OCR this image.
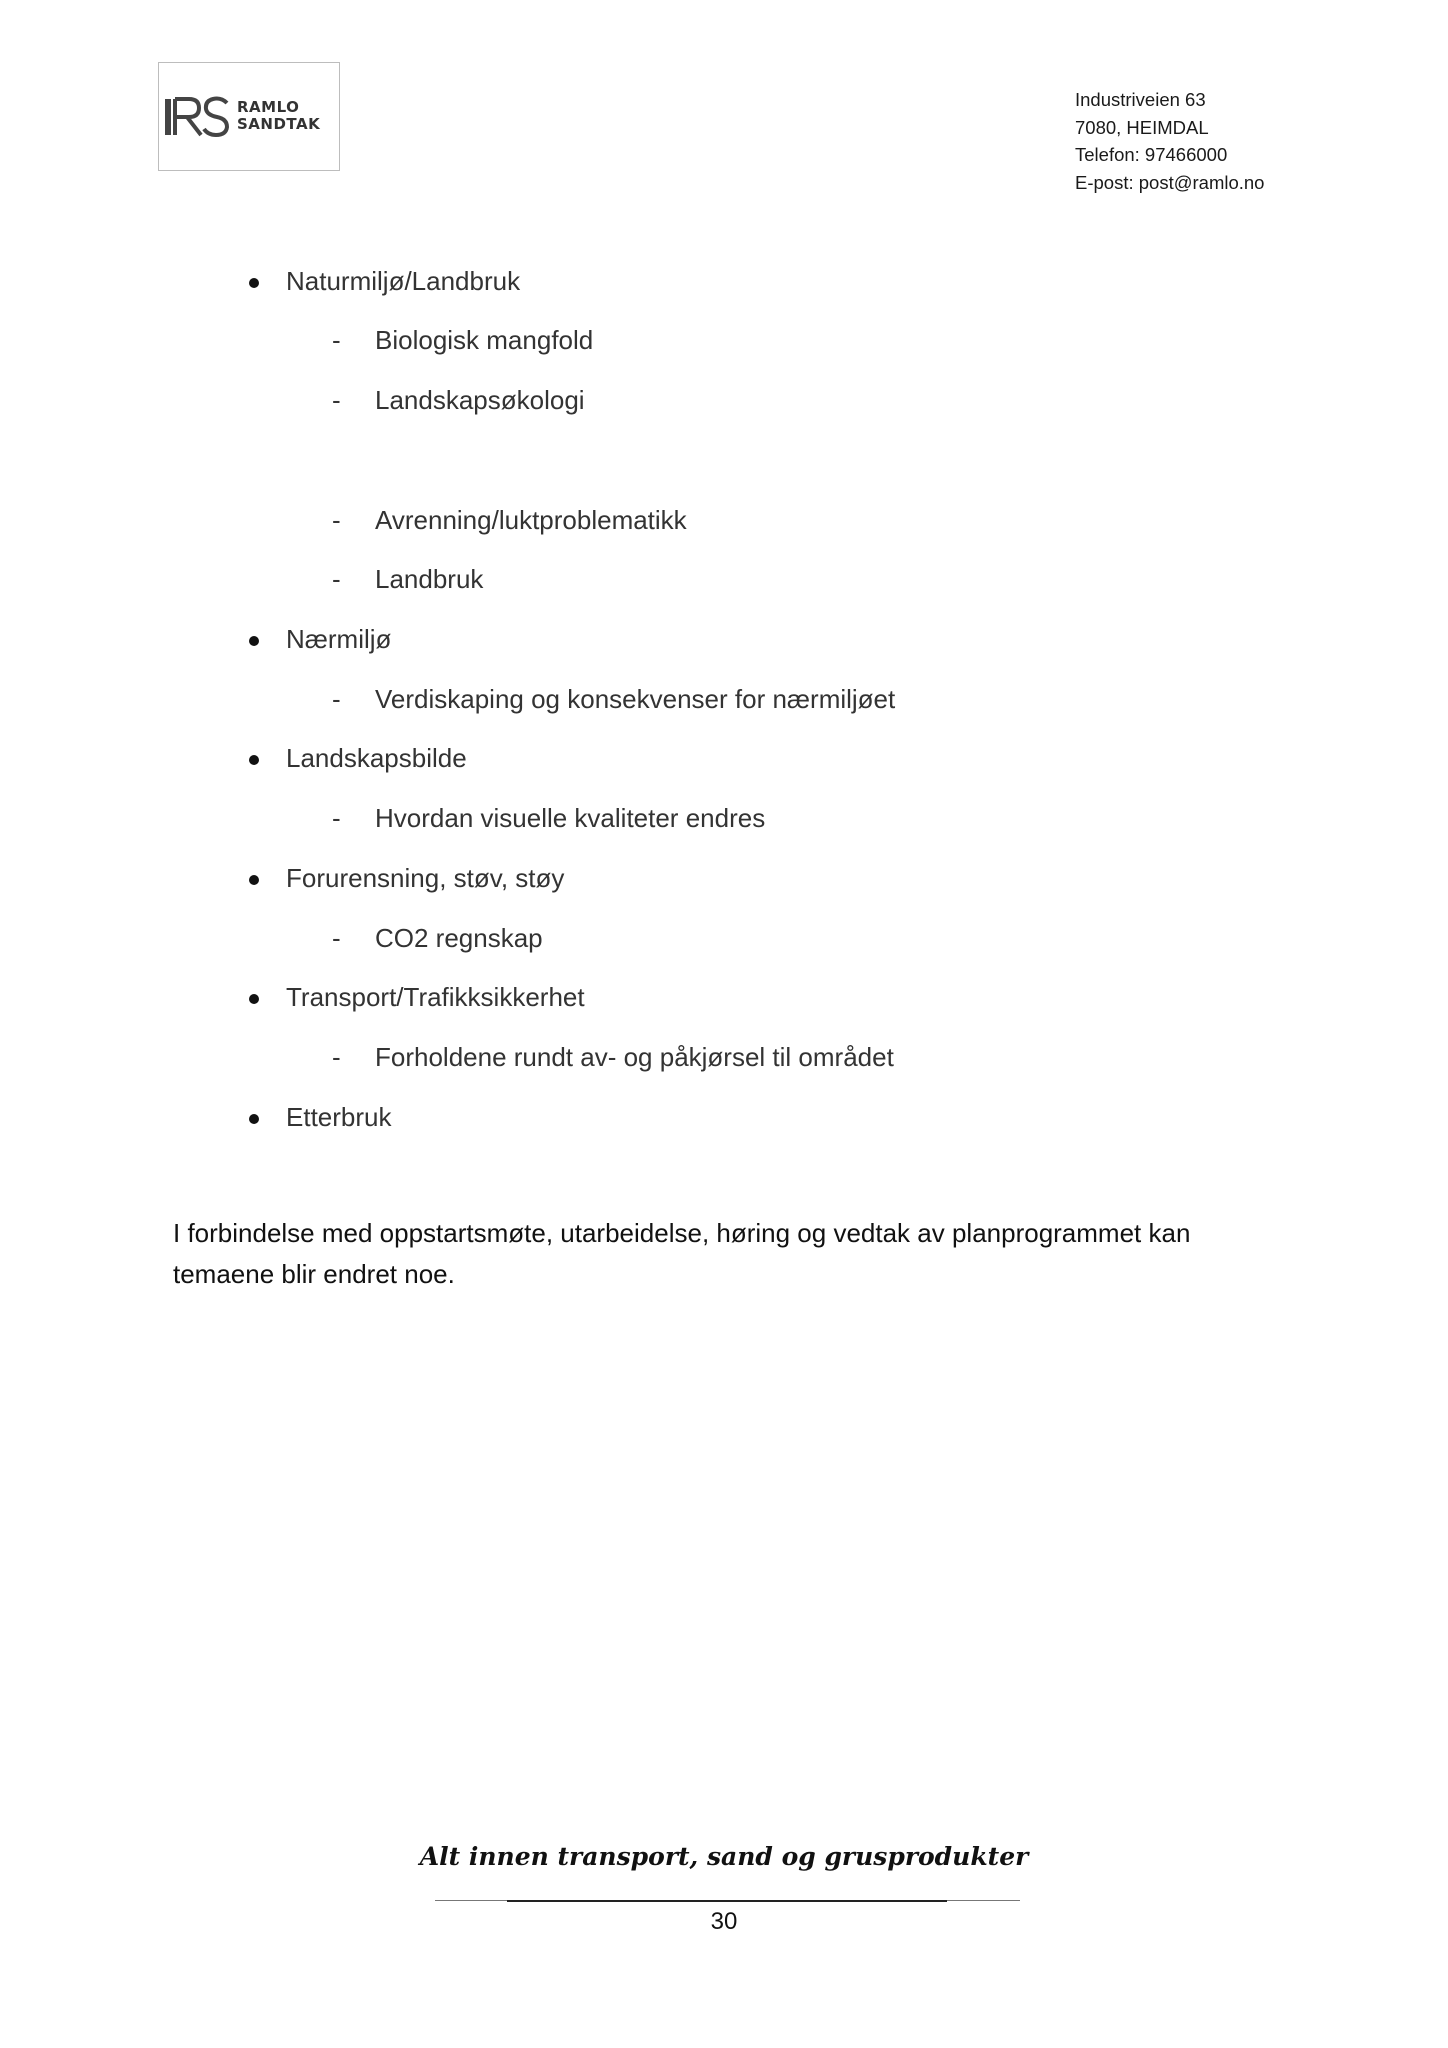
RAMLO
SANDTAK
Industriveien 63
7080, HEIMDAL
Telefon: 97466000
E-post: post@ramlo.no
Naturmiljø/Landbruk
- Biologisk mangfold
- Landskapsøkologi
- Avrenning/luktproblematikk
- Landbruk
Nærmiljø
- Verdiskaping og konsekvenser for nærmiljøet
Landskapsbilde
- Hvordan visuelle kvaliteter endres
Forurensning, støv, støy
- CO2 regnskap
Transport/Trafikksikkerhet
- Forholdene rundt av- og påkjørsel til området
Etterbruk
I forbindelse med oppstartsmøte, utarbeidelse, høring og vedtak av planprogrammet kan temaene blir endret noe.
Alt innen transport, sand og grusprodukter
30
